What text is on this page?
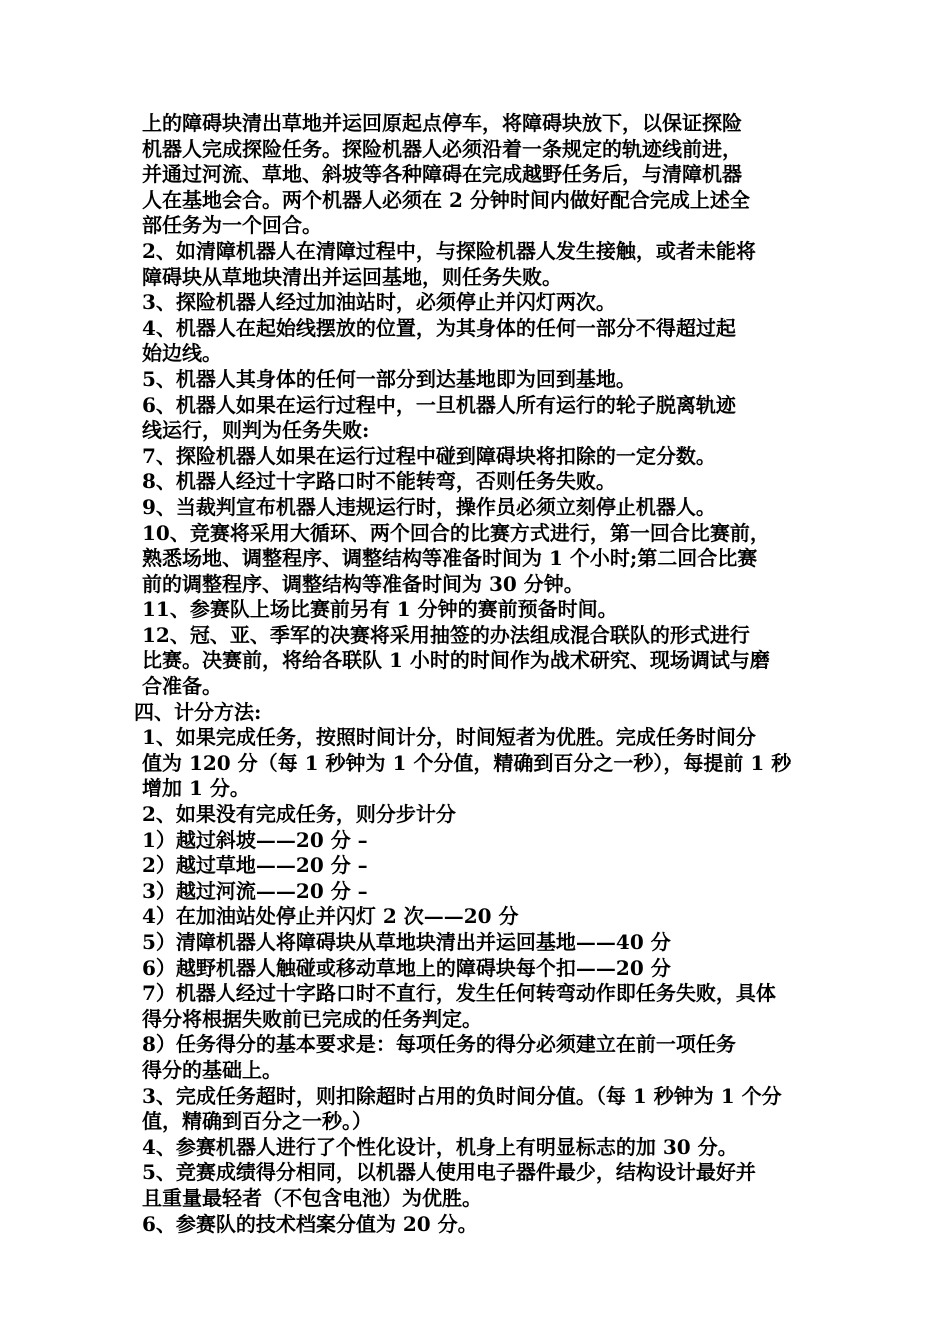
上的障碍块清出草地并运回原起点停车，将障碍块放下，以保证探险
机器人完成探险任务。探险机器人必须沿着一条规定的轨迹线前进，
并通过河流、草地、斜坡等各种障碍在完成越野任务后，与清障机器
人在基地会合。两个机器人必须在 2 分钟时间内做好配合完成上述全
部任务为一个回合。
2、如清障机器人在清障过程中，与探险机器人发生接触，或者未能将
障碍块从草地块清出并运回基地，则任务失败。
3、探险机器人经过加油站时，必须停止并闪灯两次。
4、机器人在起始线摆放的位置，为其身体的任何一部分不得超过起
始边线。
5、机器人其身体的任何一部分到达基地即为回到基地。
6、机器人如果在运行过程中，一旦机器人所有运行的轮子脱离轨迹
线运行，则判为任务失败:
7、探险机器人如果在运行过程中碰到障碍块将扣除的一定分数。
8、机器人经过十字路口时不能转弯，否则任务失败。
9、当裁判宣布机器人违规运行时，操作员必须立刻停止机器人。
10、竞赛将采用大循环、两个回合的比赛方式进行，第一回合比赛前，
熟悉场地、调整程序、调整结构等准备时间为 1 个小时;第二回合比赛
前的调整程序、调整结构等准备时间为 30 分钟。
11、参赛队上场比赛前另有 1 分钟的赛前预备时间。
12、冠、亚、季军的决赛将采用抽签的办法组成混合联队的形式进行
比赛。决赛前，将给各联队 1 小时的时间作为战术研究、现场调试与磨
合准备。
四、计分方法:
1、如果完成任务，按照时间计分，时间短者为优胜。完成任务时间分
值为 120 分（每 1 秒钟为 1 个分值，精确到百分之一秒），每提前 1 秒
增加 1 分。
2、如果没有完成任务，则分步计分
1）越过斜坡——20 分 –
2）越过草地——20 分 –
3）越过河流——20 分 –
4）在加油站处停止并闪灯 2 次——20 分
5）清障机器人将障碍块从草地块清出并运回基地——40 分
6）越野机器人触碰或移动草地上的障碍块每个扣——20 分
7）机器人经过十字路口时不直行，发生任何转弯动作即任务失败，具体
得分将根据失败前已完成的任务判定。
8）任务得分的基本要求是：每项任务的得分必须建立在前一项任务
得分的基础上。
3、完成任务超时，则扣除超时占用的负时间分值。（每 1 秒钟为 1 个分
值，精确到百分之一秒。）
4、参赛机器人进行了个性化设计，机身上有明显标志的加 30 分。
5、竞赛成绩得分相同，以机器人使用电子器件最少，结构设计最好并
且重量最轻者（不包含电池）为优胜。
6、参赛队的技术档案分值为 20 分。
